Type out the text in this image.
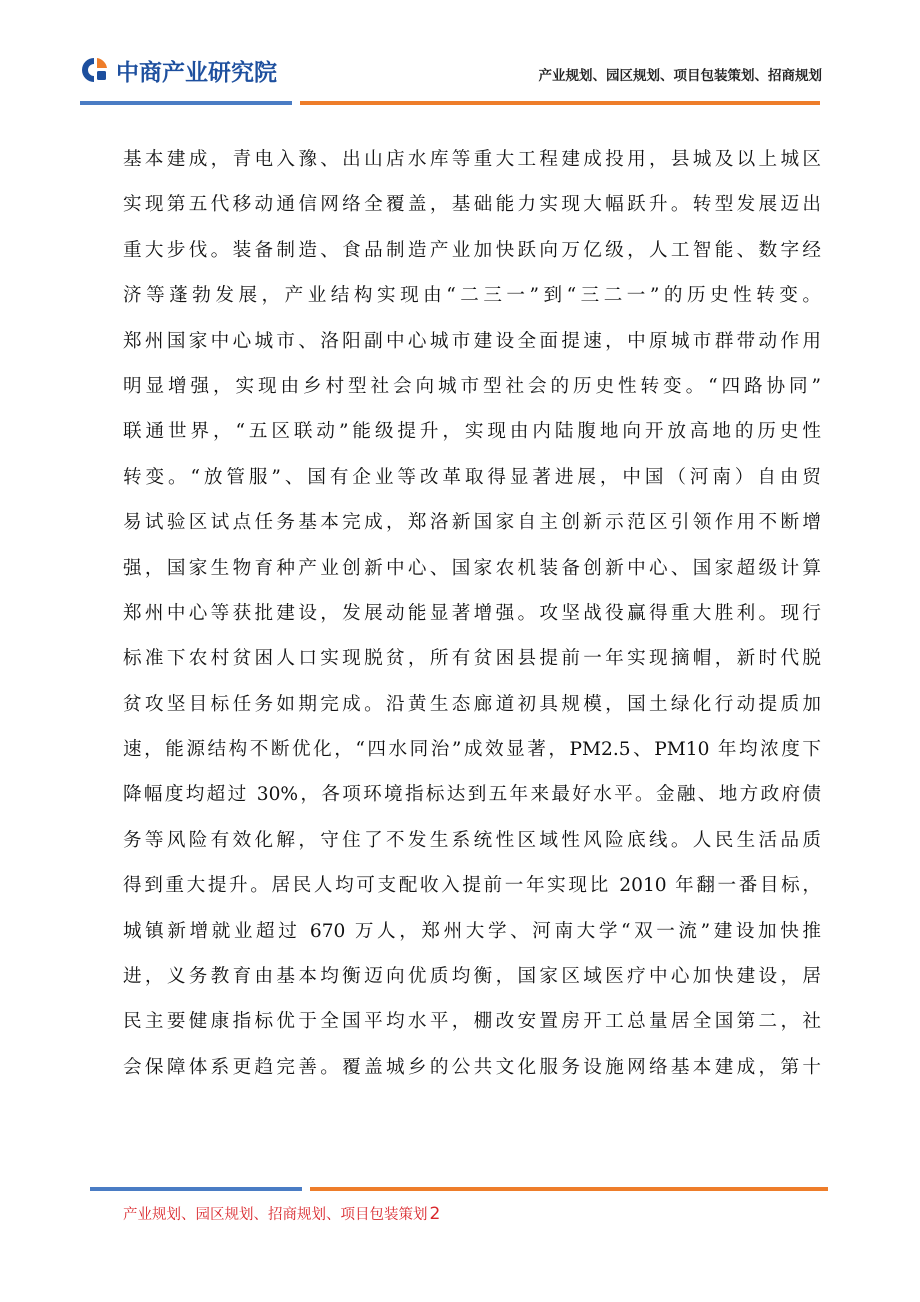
中商产业研究院	产业规划、园区规划、项目包装策划、招商规划
基本建成，青电入豫、出山店水库等重大工程建成投用，县城及以上城区
实现第五代移动通信网络全覆盖，基础能力实现大幅跃升。转型发展迈出
重大步伐。装备制造、食品制造产业加快跃向万亿级，人工智能、数字经
济等蓬勃发展，产业结构实现由“二三一”到“三二一”的历史性转变。
郑州国家中心城市、洛阳副中心城市建设全面提速，中原城市群带动作用
明显增强，实现由乡村型社会向城市型社会的历史性转变。“四路协同”
联通世界，“五区联动”能级提升，实现由内陆腹地向开放高地的历史性
转变。“放管服”、国有企业等改革取得显著进展，中国（河南）自由贸
易试验区试点任务基本完成，郑洛新国家自主创新示范区引领作用不断增
强，国家生物育种产业创新中心、国家农机装备创新中心、国家超级计算
郑州中心等获批建设，发展动能显著增强。攻坚战役赢得重大胜利。现行
标准下农村贫困人口实现脱贫，所有贫困县提前一年实现摘帽，新时代脱
贫攻坚目标任务如期完成。沿黄生态廊道初具规模，国土绿化行动提质加
速，能源结构不断优化，“四水同治”成效显著，PM2.5、PM10 年均浓度下
降幅度均超过 30%，各项环境指标达到五年来最好水平。金融、地方政府债
务等风险有效化解，守住了不发生系统性区域性风险底线。人民生活品质
得到重大提升。居民人均可支配收入提前一年实现比 2010 年翻一番目标，
城镇新增就业超过 670 万人，郑州大学、河南大学“双一流”建设加快推
进，义务教育由基本均衡迈向优质均衡，国家区域医疗中心加快建设，居
民主要健康指标优于全国平均水平，棚改安置房开工总量居全国第二，社
会保障体系更趋完善。覆盖城乡的公共文化服务设施网络基本建成，第十
产业规划、园区规划、招商规划、项目包装策划 2
